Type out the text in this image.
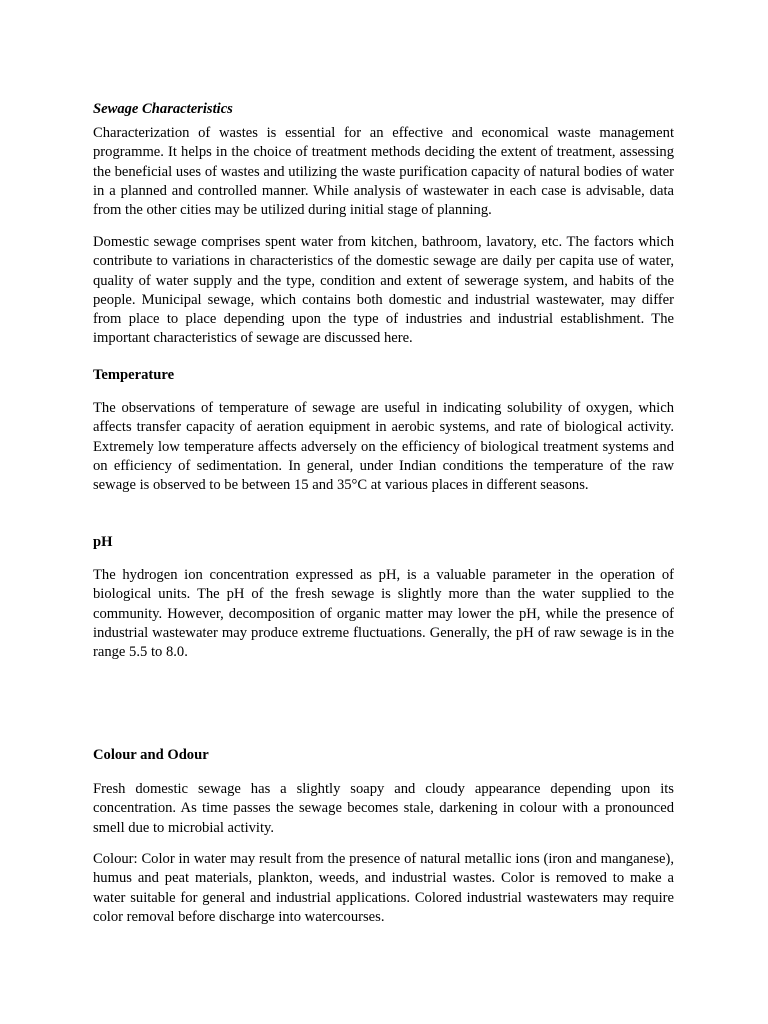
Sewage Characteristics

Characterization of wastes is essential for an effective and economical waste management programme. It helps in the choice of treatment methods deciding the extent of treatment, assessing the beneficial uses of wastes and utilizing the waste purification capacity of natural bodies of water in a planned and controlled manner. While analysis of wastewater in each case is advisable, data from the other cities may be utilized during initial stage of planning.

Domestic sewage comprises spent water from kitchen, bathroom, lavatory, etc. The factors which contribute to variations in characteristics of the domestic sewage are daily per capita use of water, quality of water supply and the type, condition and extent of sewerage system, and habits of the people. Municipal sewage, which contains both domestic and industrial wastewater, may differ from place to place depending upon the type of industries and industrial establishment. The important characteristics of sewage are discussed here.

Temperature

The observations of temperature of sewage are useful in indicating solubility of oxygen, which affects transfer capacity of aeration equipment in aerobic systems, and rate of biological activity. Extremely low temperature affects adversely on the efficiency of biological treatment systems and on efficiency of sedimentation. In general, under Indian conditions the temperature of the raw sewage is observed to be between 15 and 35°C at various places in different seasons.

pH

The hydrogen ion concentration expressed as pH, is a valuable parameter in the operation of biological units. The pH of the fresh sewage is slightly more than the water supplied to the community. However, decomposition of organic matter may lower the pH, while the presence of industrial wastewater may produce extreme fluctuations. Generally, the pH of raw sewage is in the range 5.5 to 8.0.

Colour and Odour

Fresh domestic sewage has a slightly soapy and cloudy appearance depending upon its concentration. As time passes the sewage becomes stale, darkening in colour with a pronounced smell due to microbial activity.

Colour: Color in water may result from the presence of natural metallic ions (iron and manganese), humus and peat materials, plankton, weeds, and industrial wastes. Color is removed to make a water suitable for general and industrial applications. Colored industrial wastewaters may require color removal before discharge into watercourses.
